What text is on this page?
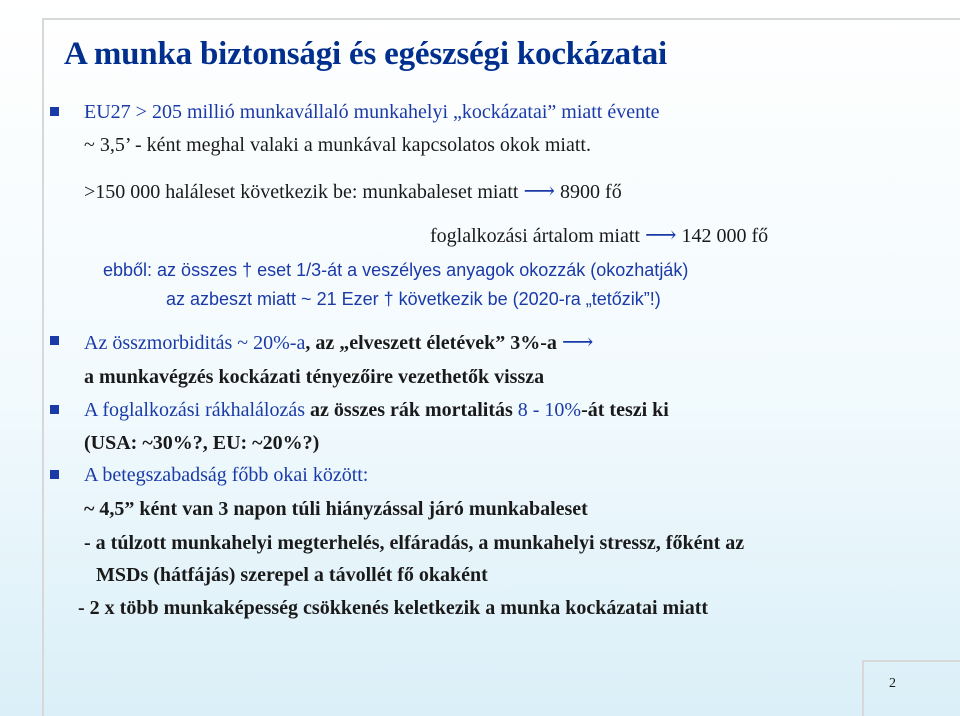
A munka biztonsági és egészségi kockázatai
EU27 > 205 millió munkavállaló munkahelyi „kockázatai” miatt évente
~ 3,5’ - ként meghal valaki a munkával kapcsolatos okok miatt.
>150 000 haláleset következik be: munkabaleset miatt ⟶ 8900 fő
foglalkozási ártalom miatt ⟶ 142 000 fő
ebből: az összes † eset 1/3-át a veszélyes anyagok okozzák (okozhatják)
az azbeszt miatt ~ 21 Ezer † következik be (2020-ra „tetőzik”!)
Az összmorbiditás ~ 20%-a, az „elveszett életévek” 3%-a ⟶
a munkavégzés kockázati tényezőire vezethetők vissza
A foglalkozási rákhalálozás az összes rák mortalitás 8 - 10%-át teszi ki
(USA: ~30%?, EU: ~20%?)
A betegszabadság főbb okai között:
~ 4,5” ként van 3 napon túli hiányzással járó munkabaleset
- a túlzott munkahelyi megterhelés, elfáradás, a munkahelyi stressz, főként az
MSDs (hátfájás) szerepel a távollét fő okaként
- 2 x több munkaképesség csökkenés keletkezik a munka kockázatai miatt
2
